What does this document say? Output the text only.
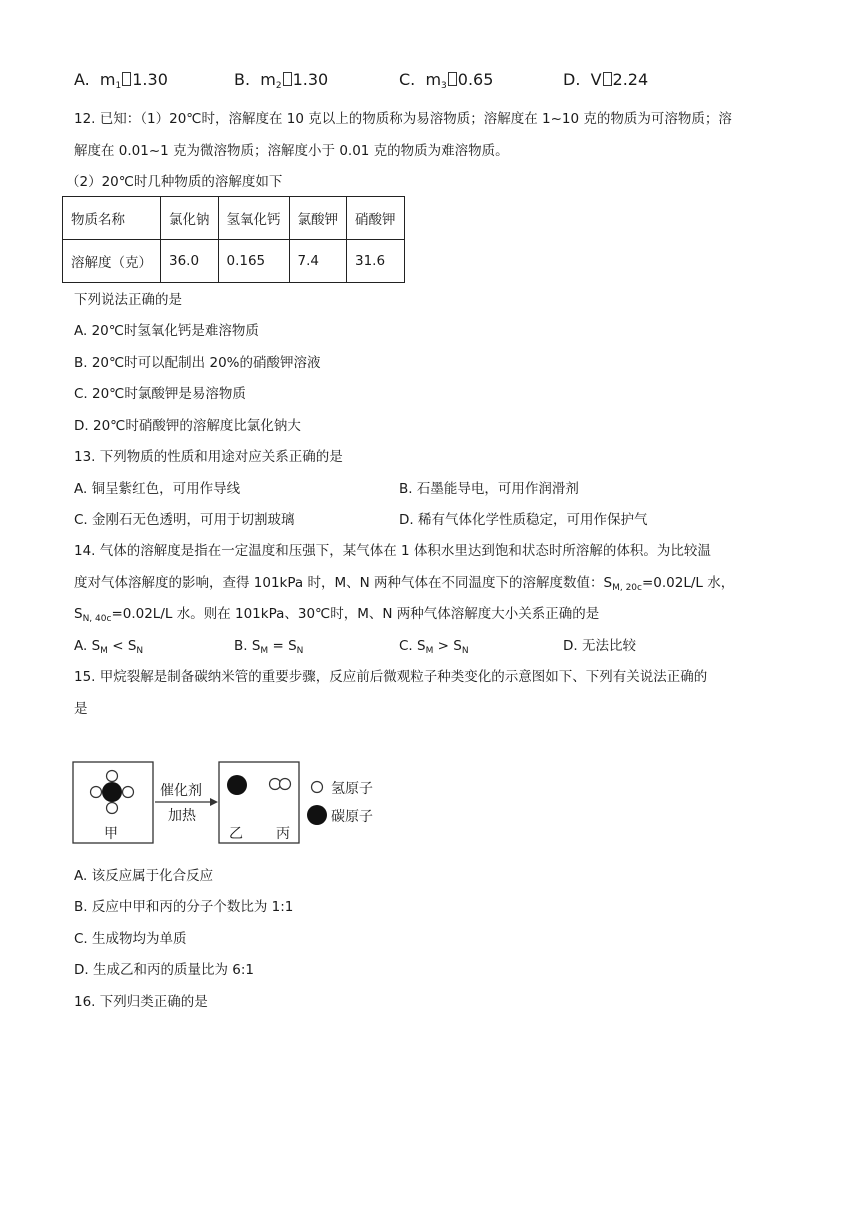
A. $m_1$ 1.30	B. $m_2$ 1.30	C. $m_3$ 0.65	D. V 2.24
12. 已知：（1）20℃时，溶解度在 10 克以上的物质称为易溶物质；溶解度在 1~10 克的物质为可溶物质；溶
解度在 0.01~1 克为微溶物质；溶解度小于 0.01 克的物质为难溶物质。
（2）20℃时几种物质的溶解度如下
物质名称	氯化钠	氢氧化钙	氯酸钾	硝酸钾
溶解度（克）	36.0	0.165	7.4	31.6
下列说法正确的是
A. 20℃时氢氧化钙是难溶物质
B. 20℃时可以配制出 20%的硝酸钾溶液
C. 20℃时氯酸钾是易溶物质
D. 20℃时硝酸钾的溶解度比氯化钠大
13. 下列物质的性质和用途对应关系正确的是
A. 铜呈紫红色，可用作导线	B. 石墨能导电，可用作润滑剂
C. 金刚石无色透明，可用于切割玻璃	D. 稀有气体化学性质稳定，可用作保护气
14. 气体的溶解度是指在一定温度和压强下，某气体在 1 体积水里达到饱和状态时所溶解的体积。为比较温
度对气体溶解度的影响，查得 101kPa 时，M、N 两种气体在不同温度下的溶解度数值：$S_{M, 20c}=0.02L/L$ 水，
$S_{N, 40c}=0.02L/L$ 水。则在 101kPa、30℃时，M、N 两种气体溶解度大小关系正确的是
A. $S_M < S_N$	B. $S_M = S_N$	C. $S_M > S_N$	D. 无法比较
15. 甲烷裂解是制备碳纳米管的重要步骤，反应前后微观粒子种类变化的示意图如下、下列有关说法正确的
是
甲
催化剂
加热
乙 丙
氢原子
碳原子
A. 该反应属于化合反应
B. 反应中甲和丙的分子个数比为 1:1
C. 生成物均为单质
D. 生成乙和丙的质量比为 6:1
16. 下列归类正确的是
